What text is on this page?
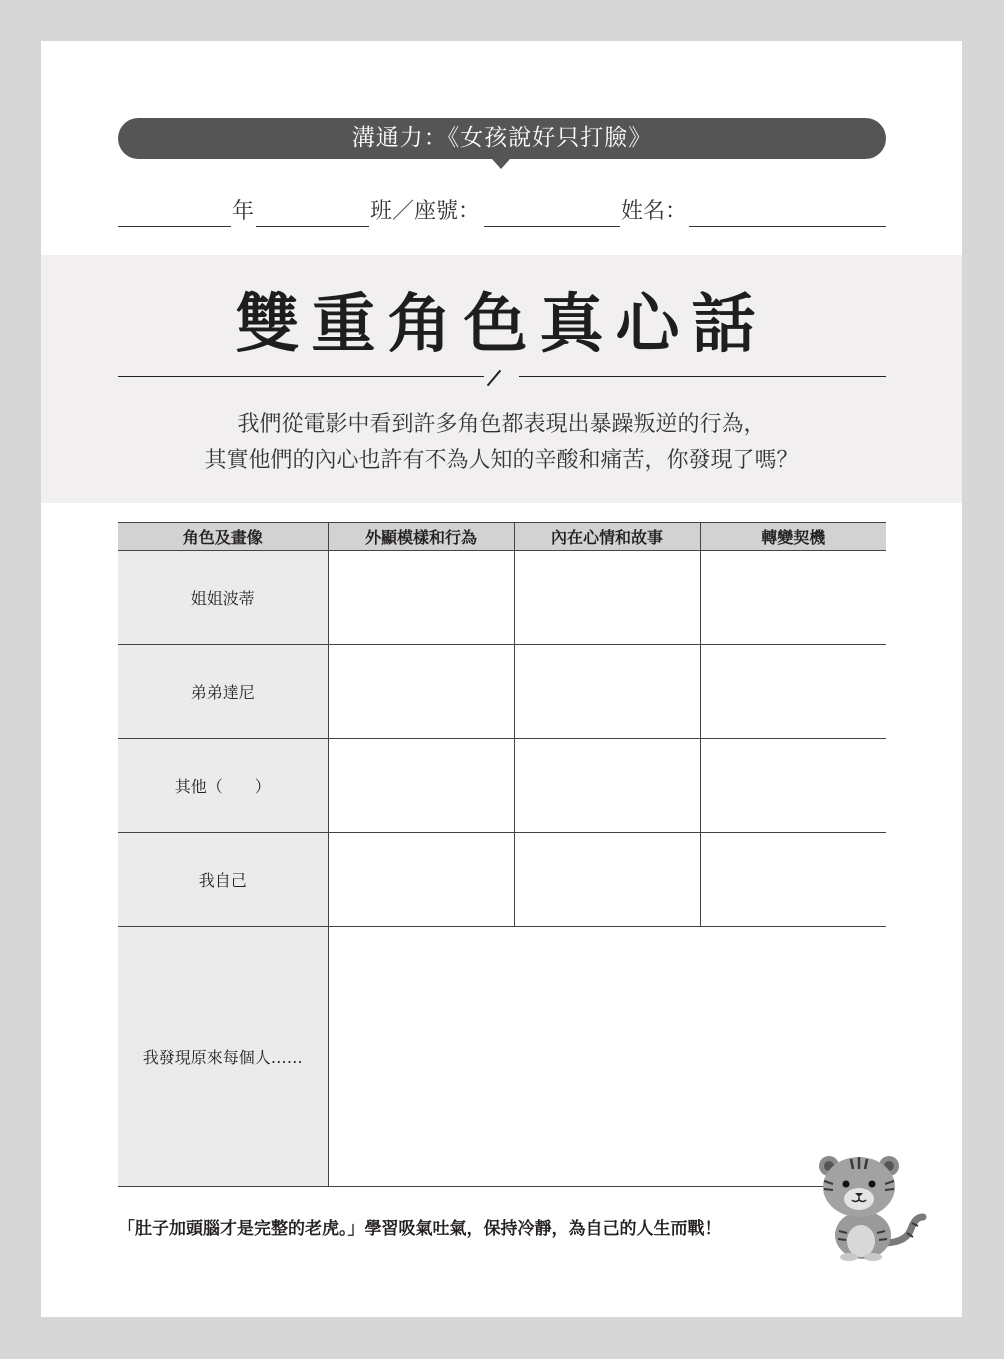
溝通力：《女孩說好只打臉》
年	班／座號：	姓名：
雙重角色真心話
我們從電影中看到許多角色都表現出暴躁叛逆的行為，
其實他們的內心也許有不為人知的辛酸和痛苦，你發現了嗎？
角色及畫像	外顯模樣和行為	內在心情和故事	轉變契機
姐姐波蒂			
弟弟達尼			
其他（　　）			
我自己			
我發現原來每個人……			
「肚子加頭腦才是完整的老虎。」學習吸氣吐氣，保持冷靜，為自己的人生而戰！
